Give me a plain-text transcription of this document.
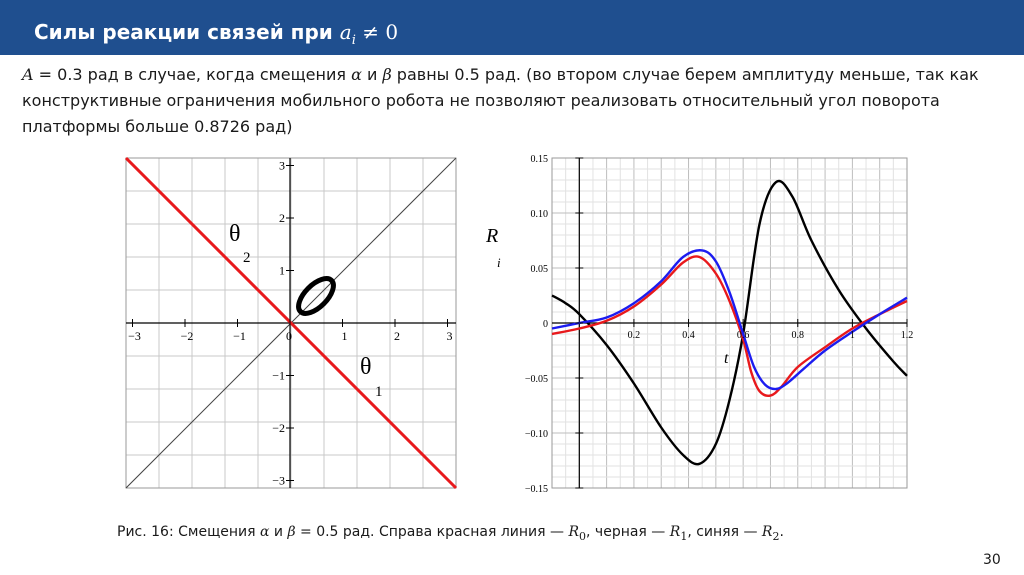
Силы реакции связей при $a_i \ne 0$
A = 0.3 рад в случае, когда смещения α и β равны 0.5 рад. (во втором случае берем амплитуду меньше, так как конструктивные ограничения мобильного робота не позволяют реализовать относительный угол поворота платформы больше 0.8726 рад)
−3	−2	−1	0	1	2	3
3
2
1
−1
−2
−3
θ
2
θ
1
0.2	0.4	0.6	0.8	1	1.2
0.15
0.10
0.05
0
−0.05
−0.10
−0.15
R
i
t
Рис. 16: Смещения α и β = 0.5 рад. Справа красная линия — $R_0$, черная — $R_1$, синяя — $R_2$.
30
